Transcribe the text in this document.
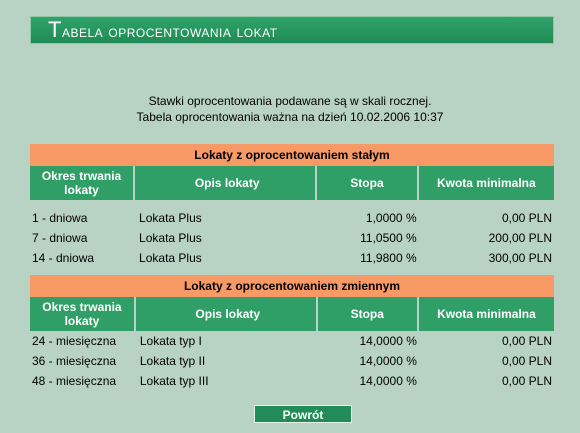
Tabela oprocentowania lokat
Stawki oprocentowania podawane są w skali rocznej.
Tabela oprocentowania ważna na dzień 10.02.2006 10:37
Lokaty z oprocentowaniem stałym			
Okres trwania lokaty	Opis lokaty	Stopa	Kwota minimalna

1 - dniowa	Lokata Plus	1,0000 %	0,00 PLN
7 - dniowa	Lokata Plus	11,0500 %	200,00 PLN
14 - dniowa	Lokata Plus	11,9800 %	300,00 PLN
Lokaty z oprocentowaniem zmiennym			
Okres trwania lokaty	Opis lokaty	Stopa	Kwota minimalna
24 - miesięczna	Lokata typ I	14,0000 %	0,00 PLN
36 - miesięczna	Lokata typ II	14,0000 %	0,00 PLN
48 - miesięczna	Lokata typ III	14,0000 %	0,00 PLN
Powrót
